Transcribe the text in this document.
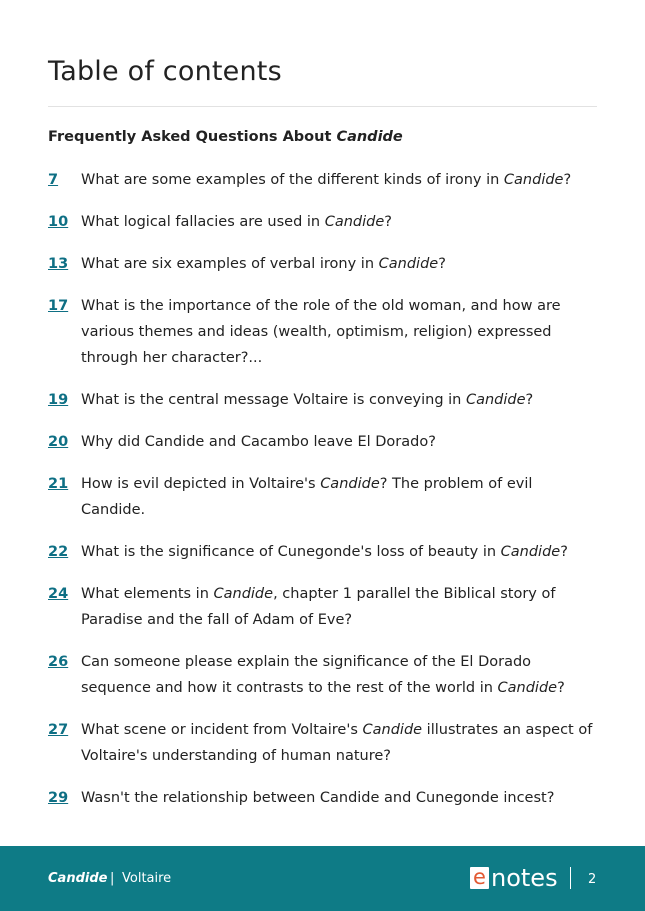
Table of contents
Frequently Asked Questions About Candide
7	What are some examples of the different kinds of irony in Candide?
10 What logical fallacies are used in Candide?
13 What are six examples of verbal irony in Candide?
17 What is the importance of the role of the old woman, and how are various themes and ideas (wealth, optimism, religion) expressed through her character?...
19 What is the central message Voltaire is conveying in Candide?
20 Why did Candide and Cacambo leave El Dorado?
21 How is evil depicted in Voltaire's Candide? The problem of evil Candide.
22 What is the significance of Cunegonde's loss of beauty in Candide?
24 What elements in Candide, chapter 1 parallel the Biblical story of Paradise and the fall of Adam of Eve?
26 Can someone please explain the significance of the El Dorado sequence and how it contrasts to the rest of the world in Candide?
27 What scene or incident from Voltaire's Candide illustrates an aspect of Voltaire's understanding of human nature?
29 Wasn't the relationship between Candide and Cunegonde incest?
Candide | Voltaire	e notes 2
